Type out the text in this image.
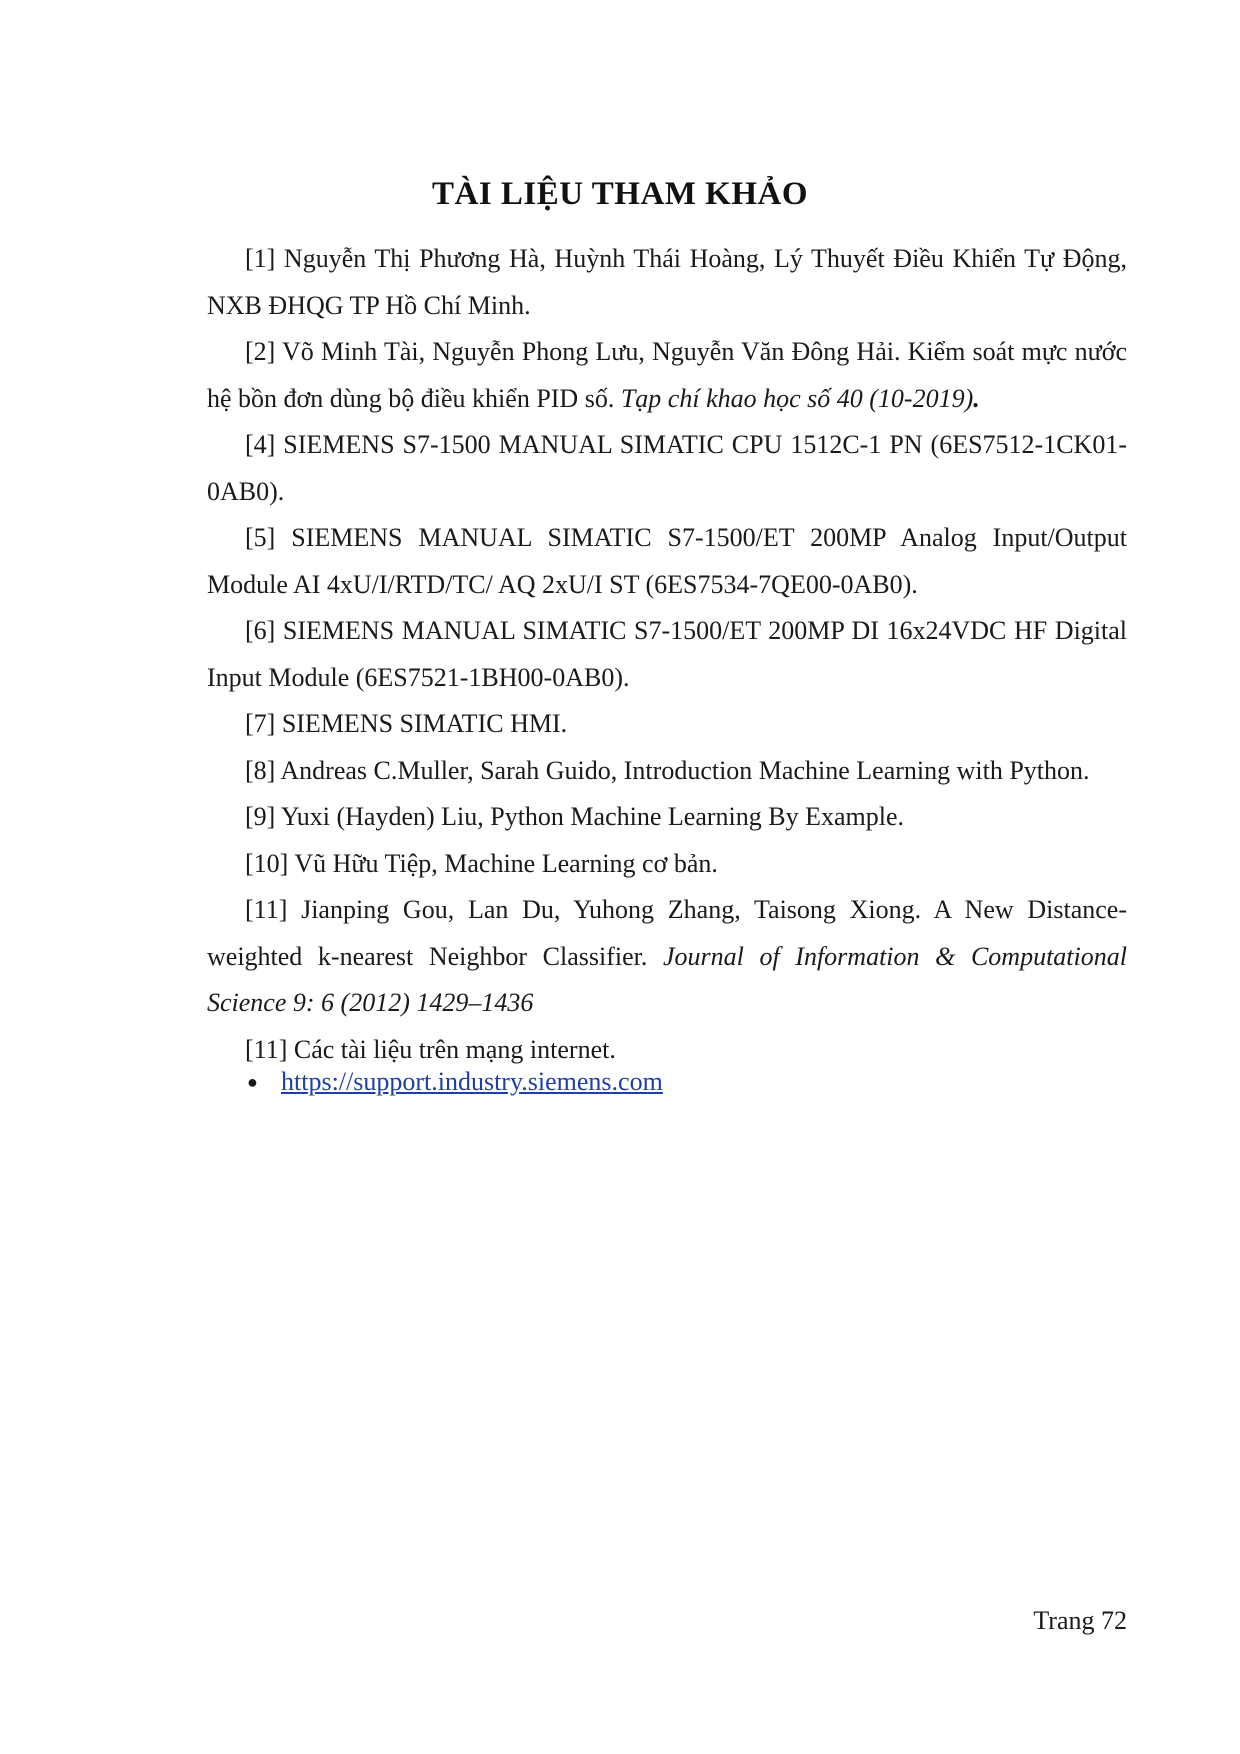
TÀI LIỆU THAM KHẢO

[1] Nguyễn Thị Phương Hà, Huỳnh Thái Hoàng, Lý Thuyết Điều Khiển Tự Động, NXB ĐHQG TP Hồ Chí Minh.

[2] Võ Minh Tài, Nguyễn Phong Lưu, Nguyễn Văn Đông Hải. Kiểm soát mực nước hệ bồn đơn dùng bộ điều khiển PID số. Tạp chí khao học số 40 (10-2019).

[4] SIEMENS S7-1500 MANUAL SIMATIC CPU 1512C-1 PN (6ES7512-1CK01-0AB0).

[5] SIEMENS MANUAL SIMATIC S7-1500/ET 200MP Analog Input/Output Module AI 4xU/I/RTD/TC/ AQ 2xU/I ST (6ES7534-7QE00-0AB0).

[6] SIEMENS MANUAL SIMATIC S7-1500/ET 200MP DI 16x24VDC HF Digital Input Module (6ES7521-1BH00-0AB0).

[7] SIEMENS SIMATIC HMI.

[8] Andreas C.Muller, Sarah Guido, Introduction Machine Learning with Python.

[9] Yuxi (Hayden) Liu, Python Machine Learning By Example.

[10] Vũ Hữu Tiệp, Machine Learning cơ bản.

[11] Jianping Gou, Lan Du, Yuhong Zhang, Taisong Xiong. A New Distance-weighted k-nearest Neighbor Classifier. Journal of Information & Computational Science 9: 6 (2012) 1429–1436

[11] Các tài liệu trên mạng internet.

● https://support.industry.siemens.com
Trang 72
